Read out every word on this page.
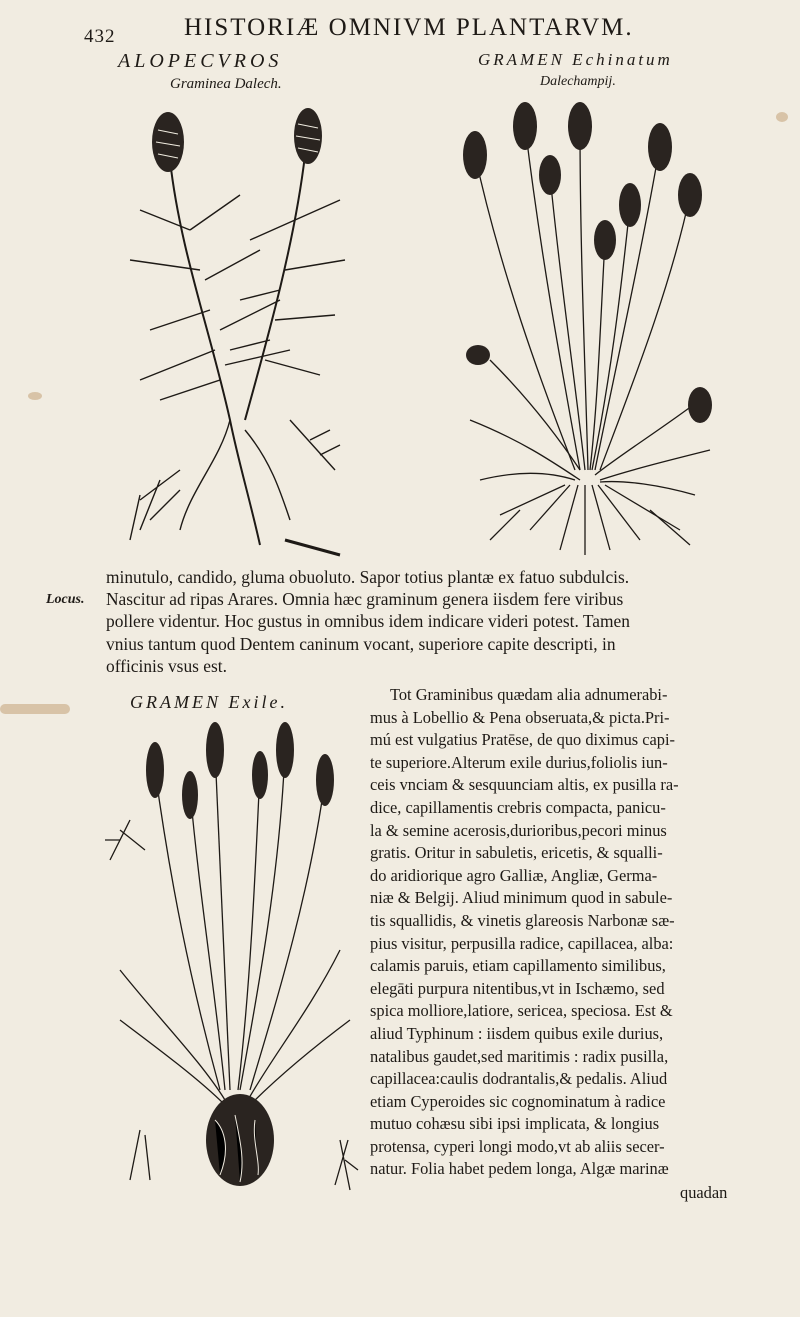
432	HISTORIÆ OMNIVM PLANTARVM.
ALOPECVROS
Graminea Dalech.
GRAMEN Echinatum
Dalechampij.
GRAMEN Exile.
Locus.
minutulo, candido, gluma obuoluto. Sapor totius plantæ ex fatuo subdulcis.
Nascitur ad ripas Arares. Omnia hæc graminum genera iisdem fere viribus
pollere videntur. Hoc gustus in omnibus idem indicare videri potest. Tamen
vnius tantum quod Dentem caninum vocant, superiore capite descripti, in
officinis vsus est.
Tot Graminibus quædam alia adnumerabi-
mus à Lobellio & Pena obseruata,& picta.Pri-
mú est vulgatius Pratēse, de quo diximus capi-
te superiore.Alterum exile durius,foliolis iun-
ceis vnciam & sesquunciam altis, ex pusilla ra-
dice, capillamentis crebris compacta, panicu-
la & semine acerosis,durioribus,pecori minus
gratis. Oritur in sabuletis, ericetis, & squalli-
do aridiorique agro Galliæ, Angliæ, Germa-
niæ & Belgij. Aliud minimum quod in sabule-
tis squallidis, & vinetis glareosis Narbonæ sæ-
pius visitur, perpusilla radice, capillacea, alba:
calamis paruis, etiam capillamento similibus,
elegāti purpura nitentibus,vt in Ischæmo, sed
spica molliore,latiore, sericea, speciosa. Est &
aliud Typhinum : iisdem quibus exile durius,
natalibus gaudet,sed maritimis : radix pusilla,
capillacea:caulis dodrantalis,& pedalis. Aliud
etiam Cyperoides sic cognominatum à radice
mutuo cohæsu sibi ipsi implicata, & longius
protensa, cyperi longi modo,vt ab aliis secer-
natur. Folia habet pedem longa, Algæ marinæ
quadan
